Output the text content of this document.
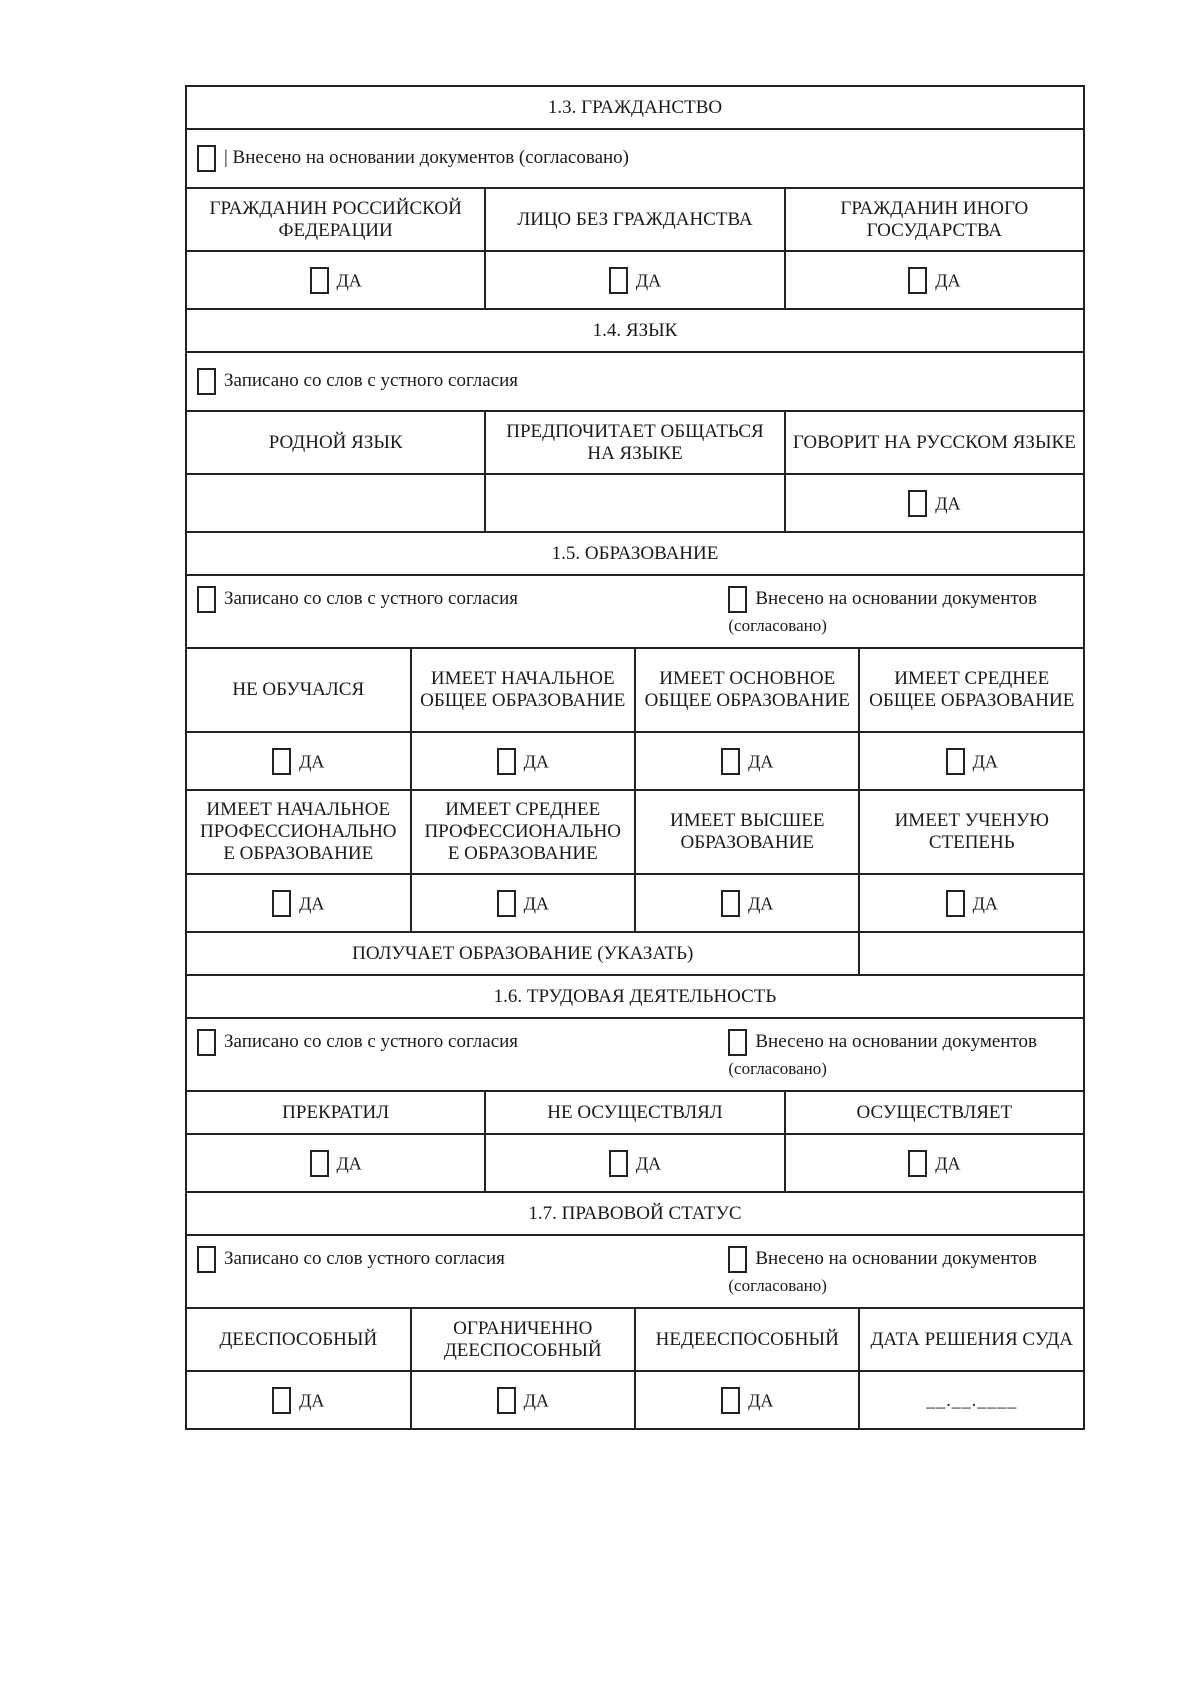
1.3. ГРАЖДАНСТВО					
| Внесено на основании документов (согласовано)					
ГРАЖДАНИН РОССИЙСКОЙ ФЕДЕРАЦИИ		ЛИЦО БЕЗ ГРАЖДАНСТВА		ГРАЖДАНИН ИНОГО ГОСУДАРСТВА	
ДА		ДА		ДА	
1.4. ЯЗЫК					
Записано со слов с устного согласия					
РОДНОЙ ЯЗЫК		ПРЕДПОЧИТАЕТ ОБЩАТЬСЯ НА ЯЗЫКЕ		ГОВОРИТ НА РУССКОМ ЯЗЫКЕ	
				ДА	
1.5. ОБРАЗОВАНИЕ					

Записано со слов с устного согласия Внесено на основании документов
(согласовано)					

НЕ ОБУЧАЛСЯ	ИМЕЕТ НАЧАЛЬНОЕ ОБЩЕЕ ОБРАЗОВАНИЕ		ИМЕЕТ ОСНОВНОЕ ОБЩЕЕ ОБРАЗОВАНИЕ		ИМЕЕТ СРЕДНЕЕ ОБЩЕЕ ОБРАЗОВАНИЕ
ДА	ДА		ДА		ДА
ИМЕЕТ НАЧАЛЬНОЕ ПРОФЕССИОНАЛЬНО Е ОБРАЗОВАНИЕ	ИМЕЕТ СРЕДНЕЕ ПРОФЕССИОНАЛЬНО Е ОБРАЗОВАНИЕ		ИМЕЕТ ВЫСШЕЕ ОБРАЗОВАНИЕ		ИМЕЕТ УЧЕНУЮ СТЕПЕНЬ
ДА	ДА		ДА		ДА
ПОЛУЧАЕТ ОБРАЗОВАНИЕ (УКАЗАТЬ)					
1.6. ТРУДОВАЯ ДЕЯТЕЛЬНОСТЬ					

Записано со слов с устного согласия Внесено на основании документов
(согласовано)					

ПРЕКРАТИЛ		НЕ ОСУЩЕСТВЛЯЛ		ОСУЩЕСТВЛЯЕТ	
ДА		ДА		ДА	
1.7. ПРАВОВОЙ СТАТУС					

Записано со слов устного согласия Внесено на основании документов
(согласовано)					

ДЕЕСПОСОБНЫЙ	ОГРАНИЧЕННО ДЕЕСПОСОБНЫЙ		НЕДЕЕСПОСОБНЫЙ		ДАТА РЕШЕНИЯ СУДА
ДА	ДА		ДА		__.__.____
